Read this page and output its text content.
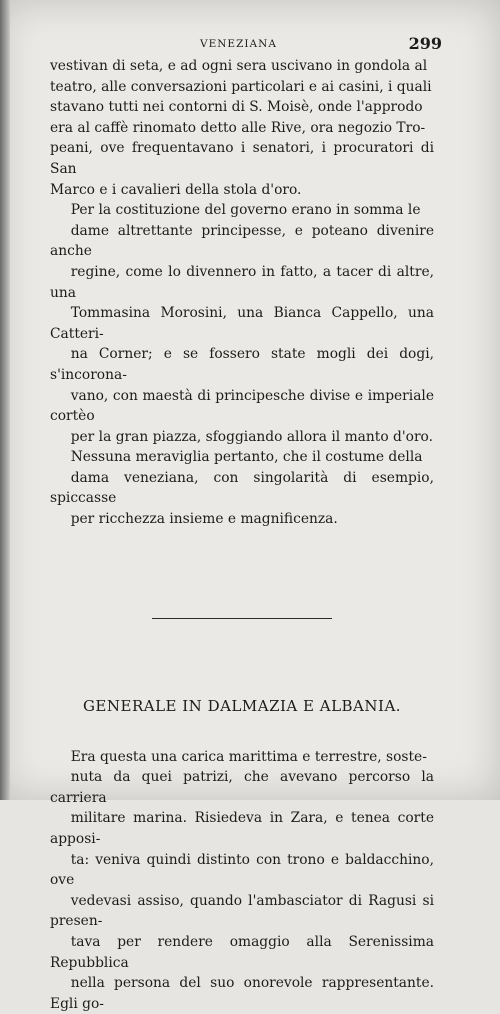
VENEZIANA	299

vestivan di seta, e ad ogni sera uscivano in gondola al
teatro, alle conversazioni particolari e ai casini, i quali
stavano tutti nei contorni di S. Moisè, onde l'approdo
era al caffè rinomato detto alle Rive, ora negozio Tro-
peani, ove frequentavano i senatori, i procuratori di San
Marco e i cavalieri della stola d'oro.

Per la costituzione del governo erano in somma le
dame altrettante principesse, e poteano divenire anche
regine, come lo divennero in fatto, a tacer di altre, una
Tommasina Morosini, una Bianca Cappello, una Catteri-
na Corner; e se fossero state mogli dei dogi, s'incorona-
vano, con maestà di principesche divise e imperiale cortèo
per la gran piazza, sfoggiando allora il manto d'oro.

Nessuna meraviglia pertanto, che il costume della
dama veneziana, con singolarità di esempio, spiccasse
per ricchezza insieme e magnificenza.

GENERALE IN DALMAZIA E ALBANIA.

Era questa una carica marittima e terrestre, soste-
nuta da quei patrizi, che avevano percorso la carriera
militare marina. Risiedeva in Zara, e tenea corte apposi-
ta: veniva quindi distinto con trono e baldacchino, ove
vedevasi assiso, quando l'ambasciator di Ragusi si presen-
tava per rendere omaggio alla Serenissima Repubblica
nella persona del suo onorevole rappresentante. Egli go-
